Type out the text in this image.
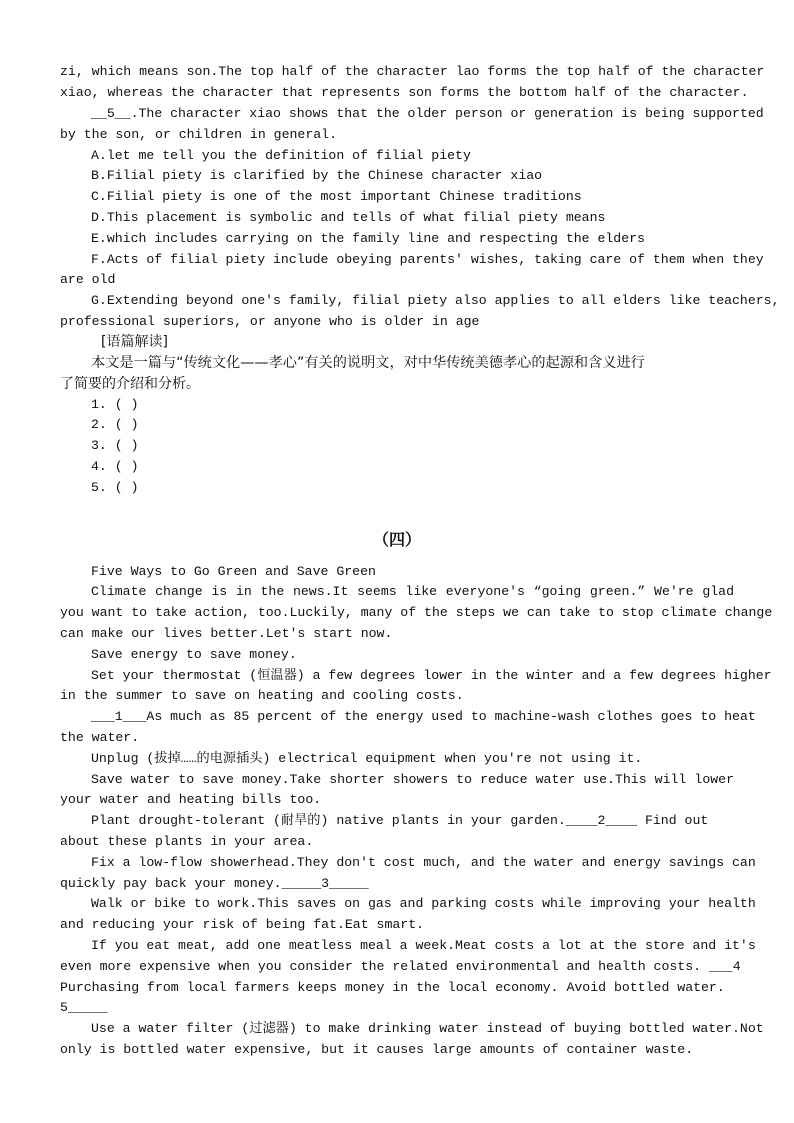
zi, which means son.The top half of the character lao forms the top half of the character
xiao, whereas the character that represents son forms the bottom half of the character.
__5__.The character xiao shows that the older person or generation is being supported
by the son, or children in general.
A.let me tell you the definition of filial piety
B.Filial piety is clarified by the Chinese character xiao
C.Filial piety is one of the most important Chinese traditions
D.This placement is symbolic and tells of what filial piety means
E.which includes carrying on the family line and respecting the elders
F.Acts of filial piety include obeying parents' wishes, taking care of them when they
are old
G.Extending beyond one's family, filial piety also applies to all elders like teachers,
professional superiors, or anyone who is older in age
[语篇解读]
本文是一篇与“传统文化——孝心”有关的说明文，对中华传统美德孝心的起源和含义进行
了简要的介绍和分析。
1. ( )
2. ( )
3. ( )
4. ( )
5. ( )
（四）
Five Ways to Go Green and Save Green
Climate change is in the news.It seems like everyone's “going green.” We're glad
you want to take action, too.Luckily, many of the steps we can take to stop climate change
can make our lives better.Let's start now.
Save energy to save money.
Set your thermostat (恒温器) a few degrees lower in the winter and a few degrees higher
in the summer to save on heating and cooling costs.
___1___As much as 85 percent of the energy used to machine-wash clothes goes to heat
the water.
Unplug (拔掉……的电源插头) electrical equipment when you're not using it.
Save water to save money.Take shorter showers to reduce water use.This will lower
your water and heating bills too.
Plant drought-tolerant (耐旱的) native plants in your garden.____2____ Find out
about these plants in your area.
Fix a low-flow showerhead.They don't cost much, and the water and energy savings can
quickly pay back your money._____3_____
Walk or bike to work.This saves on gas and parking costs while improving your health
and reducing your risk of being fat.Eat smart.
If you eat meat, add one meatless meal a week.Meat costs a lot at the store and it's
even more expensive when you consider the related environmental and health costs. ___4
Purchasing from local farmers keeps money in the local economy. Avoid bottled water.
5_____
Use a water filter (过滤器) to make drinking water instead of buying bottled water.Not
only is bottled water expensive, but it causes large amounts of container waste.
